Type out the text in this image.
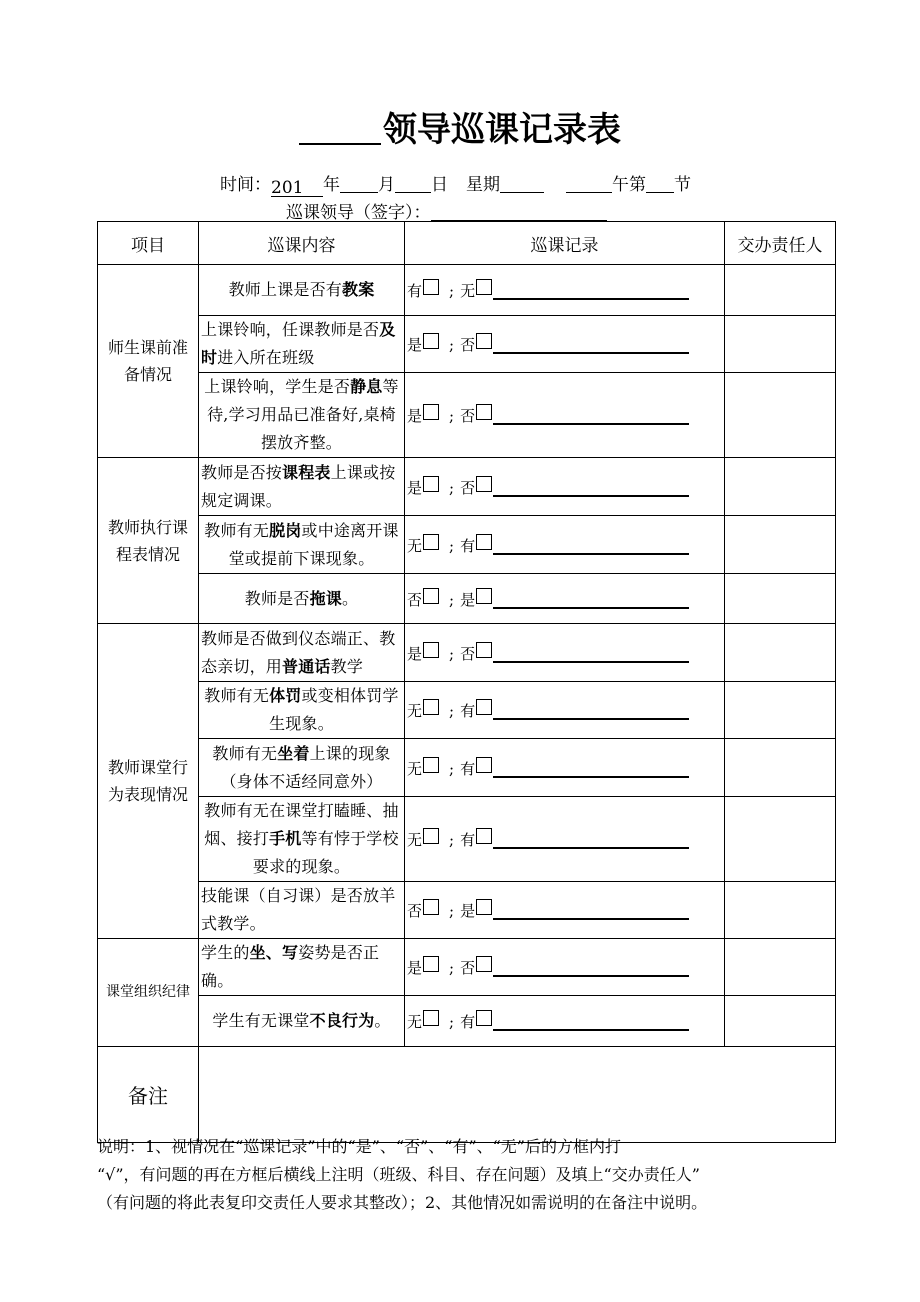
领导巡课记录表
时间：201 年 月 日 星期	午第 节
巡课领导（签字）：
项目	巡课内容	巡课记录	交办责任人
师生课前准备情况	教师上课是否有教案	有 ; 无	
	上课铃响，任课教师是否及时进入所在班级	是 ; 否	
	上课铃响，学生是否静息等待,学习用品已准备好,桌椅摆放齐整。	是 ; 否	
教师执行课程表情况	教师是否按课程表上课或按规定调课。	是 ; 否	
	教师有无脱岗或中途离开课堂或提前下课现象。	无 ; 有	
	教师是否拖课。	否 ; 是	
教师课堂行为表现情况	教师是否做到仪态端正、教态亲切，用普通话教学	是 ; 否	
	教师有无体罚或变相体罚学生现象。	无 ; 有	
	教师有无坐着上课的现象（身体不适经同意外）	无 ; 有	
	教师有无在课堂打瞌睡、抽烟、接打手机等有悖于学校要求的现象。	无 ; 有	
	技能课（自习课）是否放羊式教学。	否 ; 是	
课堂组织纪律	学生的坐、写姿势是否正确。	是 ; 否	
	学生有无课堂不良行为。	无 ; 有	
备注			
说明：1、视情况在“巡课记录”中的“是”、“否”、“有”、“无”后的方框内打
“√”，有问题的再在方框后横线上注明（班级、科目、存在问题）及填上“交办责任人”
（有问题的将此表复印交责任人要求其整改）；2、其他情况如需说明的在备注中说明。
